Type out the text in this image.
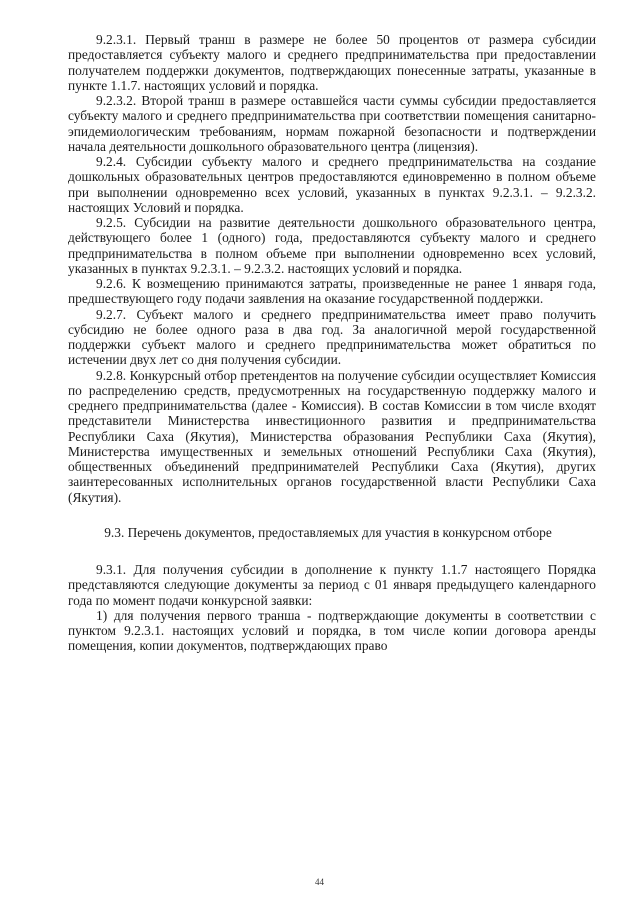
9.2.3.1. Первый транш в размере не более 50 процентов от размера субсидии предоставляется субъекту малого и среднего предпринимательства при предоставлении получателем поддержки документов, подтверждающих понесенные затраты, указанные в пункте 1.1.7. настоящих условий и порядка.

9.2.3.2. Второй транш в размере оставшейся части суммы субсидии предоставляется субъекту малого и среднего предпринимательства при соответствии помещения санитарно-эпидемиологическим требованиям, нормам пожарной безопасности и подтверждении начала деятельности дошкольного образовательного центра (лицензия).

9.2.4. Субсидии субъекту малого и среднего предпринимательства на создание дошкольных образовательных центров предоставляются единовременно в полном объеме при выполнении одновременно всех условий, указанных в пунктах 9.2.3.1. – 9.2.3.2. настоящих Условий и порядка.

9.2.5. Субсидии на развитие деятельности дошкольного образовательного центра, действующего более 1 (одного) года, предоставляются субъекту малого и среднего предпринимательства в полном объеме при выполнении одновременно всех условий, указанных в пунктах 9.2.3.1. – 9.2.3.2. настоящих условий и порядка.

9.2.6. К возмещению принимаются затраты, произведенные не ранее 1 января года, предшествующего году подачи заявления на оказание государственной поддержки.

9.2.7. Субъект малого и среднего предпринимательства имеет право получить субсидию не более одного раза в два год. За аналогичной мерой государственной поддержки субъект малого и среднего предпринимательства может обратиться по истечении двух лет со дня получения субсидии.

9.2.8. Конкурсный отбор претендентов на получение субсидии осуществляет Комиссия по распределению средств, предусмотренных на государственную поддержку малого и среднего предпринимательства (далее - Комиссия). В состав Комиссии в том числе входят представители Министерства инвестиционного развития и предпринимательства Республики Саха (Якутия), Министерства образования Республики Саха (Якутия), Министерства имущественных и земельных отношений Республики Саха (Якутия), общественных объединений предпринимателей Республики Саха (Якутия), других заинтересованных исполнительных органов государственной власти Республики Саха (Якутия).

9.3. Перечень документов, предоставляемых для участия в конкурсном отборе

9.3.1. Для получения субсидии в дополнение к пункту 1.1.7 настоящего Порядка представляются следующие документы за период с 01 января предыдущего календарного года по момент подачи конкурсной заявки:

1) для получения первого транша - подтверждающие документы в соответствии с пунктом 9.2.3.1. настоящих условий и порядка, в том числе копии договора аренды помещения, копии документов, подтверждающих право

44
